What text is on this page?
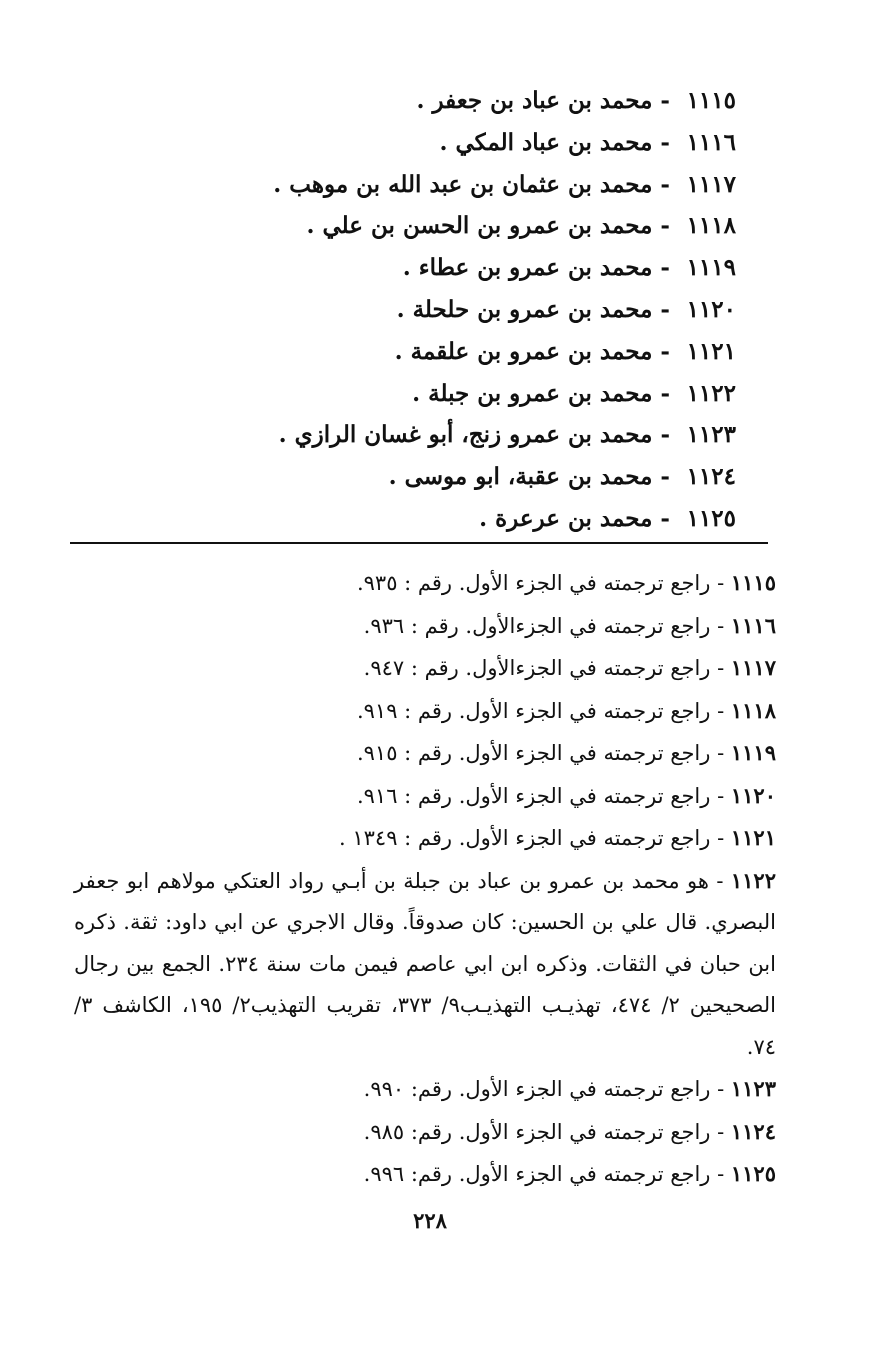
١١١٥ - محمد بن عباد بن جعفر .
١١١٦ - محمد بن عباد المكي .
١١١٧ - محمد بن عثمان بن عبد الله بن موهب .
١١١٨ - محمد بن عمرو بن الحسن بن علي .
١١١٩ - محمد بن عمرو بن عطاء .
١١٢٠ - محمد بن عمرو بن حلحلة .
١١٢١ - محمد بن عمرو بن علقمة .
١١٢٢ - محمد بن عمرو بن جبلة .
١١٢٣ - محمد بن عمرو زنج، أبو غسان الرازي .
١١٢٤ - محمد بن عقبة، ابو موسى .
١١٢٥ - محمد بن عرعرة .
١١١٥ - راجع ترجمته في الجزء الأول. رقم : ٩٣٥.
١١١٦ - راجع ترجمته في الجزءالأول. رقم : ٩٣٦.
١١١٧ - راجع ترجمته في الجزءالأول. رقم : ٩٤٧.
١١١٨ - راجع ترجمته في الجزء الأول. رقم : ٩١٩.
١١١٩ - راجع ترجمته في الجزء الأول. رقم : ٩١٥.
١١٢٠ - راجع ترجمته في الجزء الأول. رقم : ٩١٦.
١١٢١ - راجع ترجمته في الجزء الأول. رقم : ١٣٤٩ .
١١٢٢ - هو محمد بن عمرو بن عباد بن جبلة بن أبـي رواد العتكي مولاهم ابو جعفر البصري. قال علي بن الحسين: كان صدوقاً. وقال الاجري عن ابي داود: ثقة. ذكره ابن حبان في الثقات. وذكره ابن ابي عاصم فيمن مات سنة ٢٣٤. الجمع بين رجال الصحيحين ٢/ ٤٧٤، تهذيـب التهذيـب٩/ ٣٧٣، تقريب التهذيب٢/ ١٩٥، الكاشف ٣/ ٧٤.
١١٢٣ - راجع ترجمته في الجزء الأول. رقم: ٩٩٠.
١١٢٤ - راجع ترجمته في الجزء الأول. رقم: ٩٨٥.
١١٢٥ - راجع ترجمته في الجزء الأول. رقم: ٩٩٦.
٢٢٨
